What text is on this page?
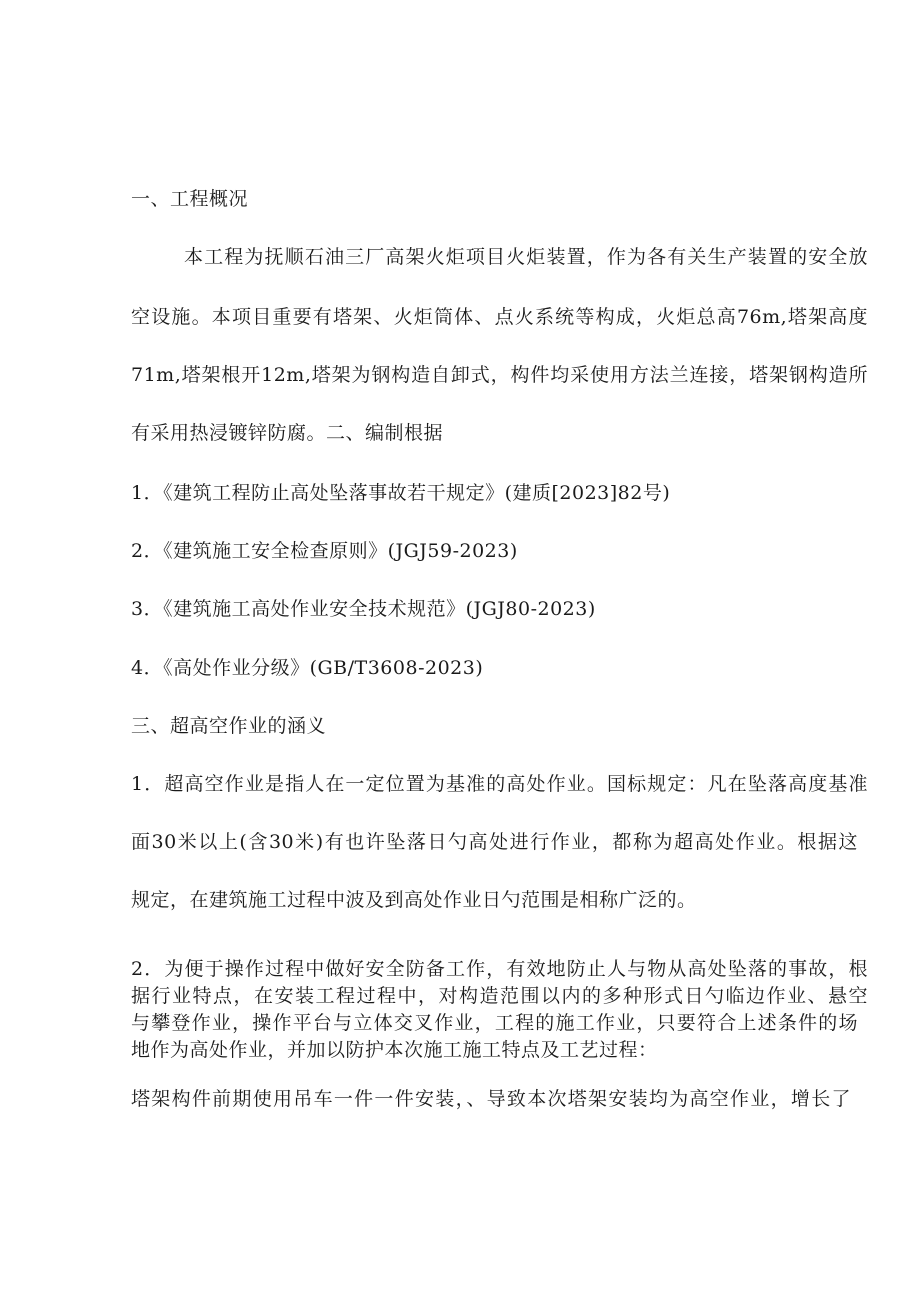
一、工程概况

本工程为抚顺石油三厂高架火炬项目火炬装置，作为各有关生产装置的安全放

空设施。本项目重要有塔架、火炬筒体、点火系统等构成，火炬总高76m,塔架高度

71m,塔架根开12m,塔架为钢构造自卸式，构件均采使用方法兰连接，塔架钢构造所

有采用热浸镀锌防腐。二、编制根据

1．《建筑工程防止高处坠落事故若干规定》(建质[2023]82号)

2．《建筑施工安全检查原则》(JGJ59-2023)

3．《建筑施工高处作业安全技术规范》(JGJ80-2023)

4．《高处作业分级》(GB/T3608-2023)

三、超高空作业的涵义

1．超高空作业是指人在一定位置为基准的高处作业。国标规定：凡在坠落高度基准

面30米以上(含30米)有也许坠落日勺高处进行作业，都称为超高处作业。根据这

规定，在建筑施工过程中波及到高处作业日勺范围是相称广泛的。

2．为便于操作过程中做好安全防备工作，有效地防止人与物从高处坠落的事故，根

据行业特点，在安装工程过程中，对构造范围以内的多种形式日勺临边作业、悬空

与攀登作业，操作平台与立体交叉作业，工程的施工作业，只要符合上述条件的场

地作为高处作业，并加以防护本次施工施工特点及工艺过程：

塔架构件前期使用吊车一件一件安装，、导致本次塔架安装均为高空作业，增长了
